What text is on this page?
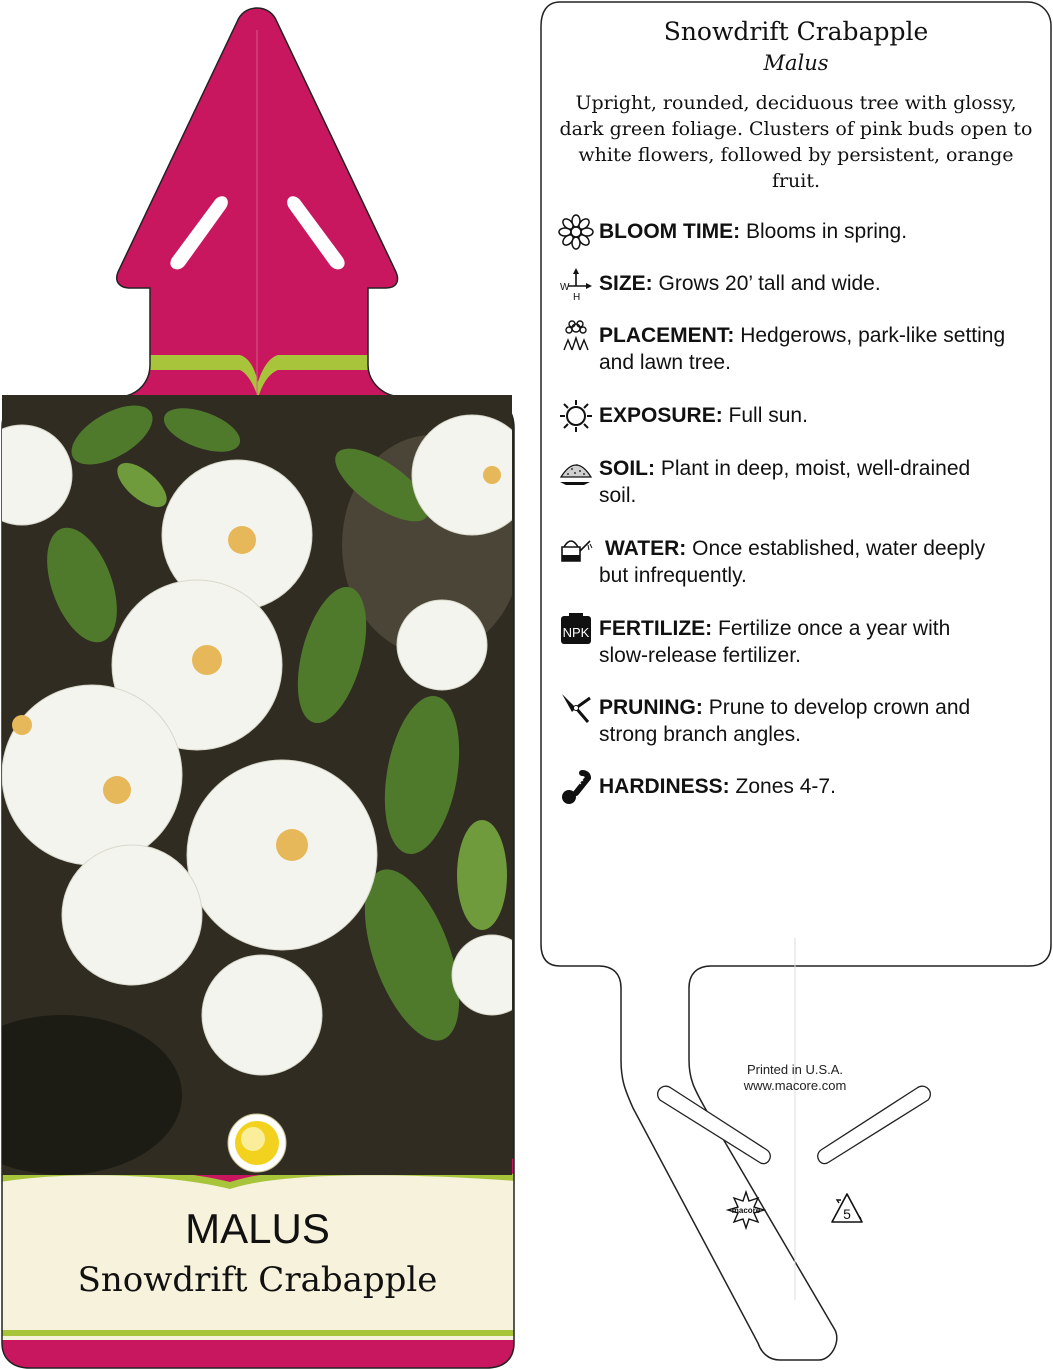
MALUS
Snowdrift Crabapple
Snowdrift Crabapple
Malus
Upright, rounded, deciduous tree with glossy, dark green foliage. Clusters of pink buds open to white flowers, followed by persistent, orange fruit.
BLOOM TIME: Blooms in spring.
W
H
SIZE: Grows 20’ tall and wide.
PLACEMENT: Hedgerows, park-like setting
and lawn tree.
EXPOSURE: Full sun.
SOIL: Plant in deep, moist, well-drained
soil.
WATER: Once established, water deeply
but infrequently.
NPK FERTILIZE: Fertilize once a year with
slow-release fertilizer.
PRUNING: Prune to develop crown and
strong branch angles.
HARDINESS: Zones 4-7.
Printed in U.S.A.
www.macore.com
macore	5
